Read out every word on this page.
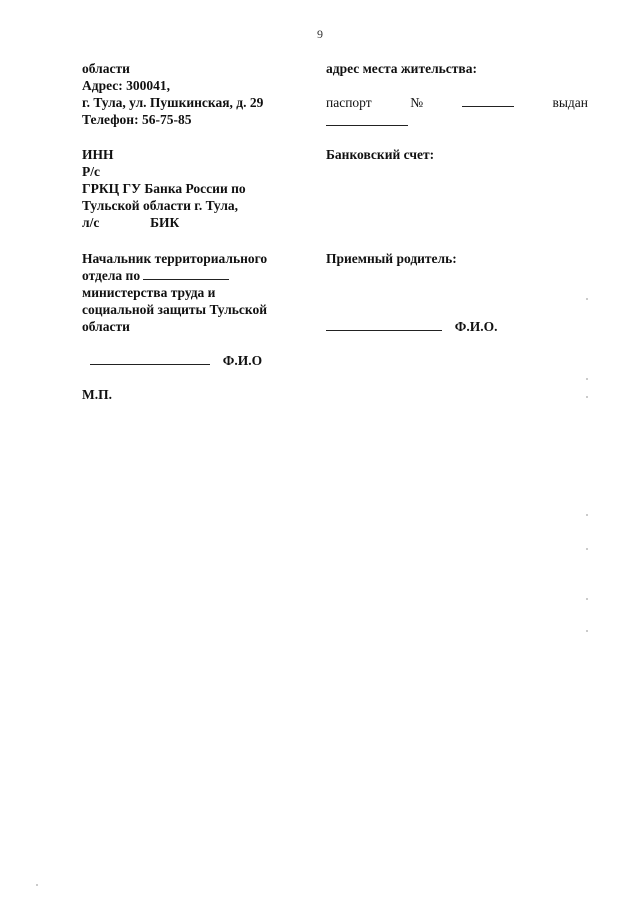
9
области
Адрес: 300041,
г. Тула, ул. Пушкинская, д. 29
Телефон: 56-75-85
ИНН
Р/с
ГРКЦ ГУ Банка России по
Тульской области г. Тула,
л/с	БИК
Начальник территориального
отдела по
министерства труда и
социальной защиты Тульской
области
Ф.И.О
М.П.
адрес места жительства:
паспорт	№	выдан
Банковский счет:
Приемный родитель:
Ф.И.О.
